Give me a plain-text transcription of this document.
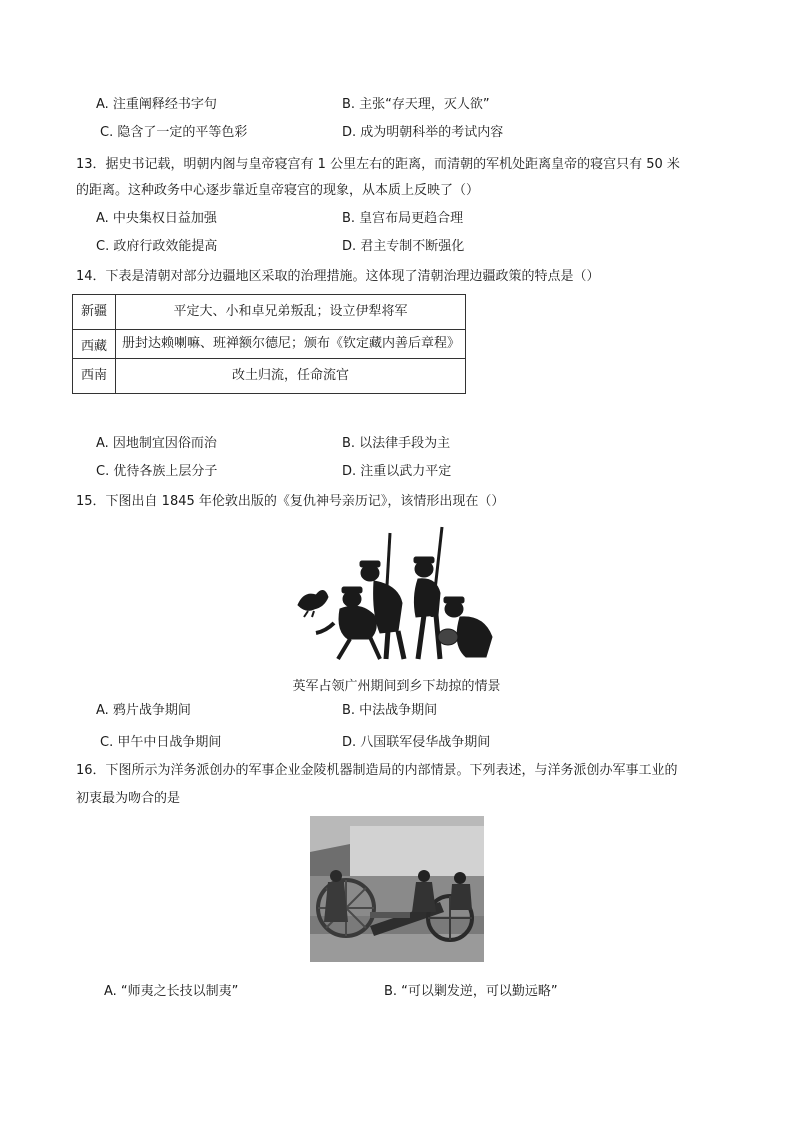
A. 注重阐释经书字句	B. 主张“存天理，灭人欲”
C. 隐含了一定的平等色彩	D. 成为明朝科举的考试内容
13．据史书记载，明朝内阁与皇帝寝宫有 1 公里左右的距离，而清朝的军机处距离皇帝的寝宫只有 50 米
的距离。这种政务中心逐步靠近皇帝寝宫的现象，从本质上反映了（）
A. 中央集权日益加强	B. 皇宫布局更趋合理
C. 政府行政效能提高	D. 君主专制不断强化
14．下表是清朝对部分边疆地区采取的治理措施。这体现了清朝治理边疆政策的特点是（）
新疆	平定大、小和卓兄弟叛乱；设立伊犁将军
西藏	册封达赖喇嘛、班禅额尔德尼；颁布《钦定藏内善后章程》
西南	改土归流，任命流官
A. 因地制宜因俗而治	B. 以法律手段为主
C. 优待各族上层分子	D. 注重以武力平定
15．下图出自 1845 年伦敦出版的《复仇神号亲历记》，该情形出现在（）
英军占领广州期间到乡下劫掠的情景
A. 鸦片战争期间	B. 中法战争期间
C. 甲午中日战争期间	D. 八国联军侵华战争期间
16．下图所示为洋务派创办的军事企业金陵机器制造局的内部情景。下列表述，与洋务派创办军事工业的
初衷最为吻合的是
A. “师夷之长技以制夷”	B. “可以剿发逆，可以勤远略”
